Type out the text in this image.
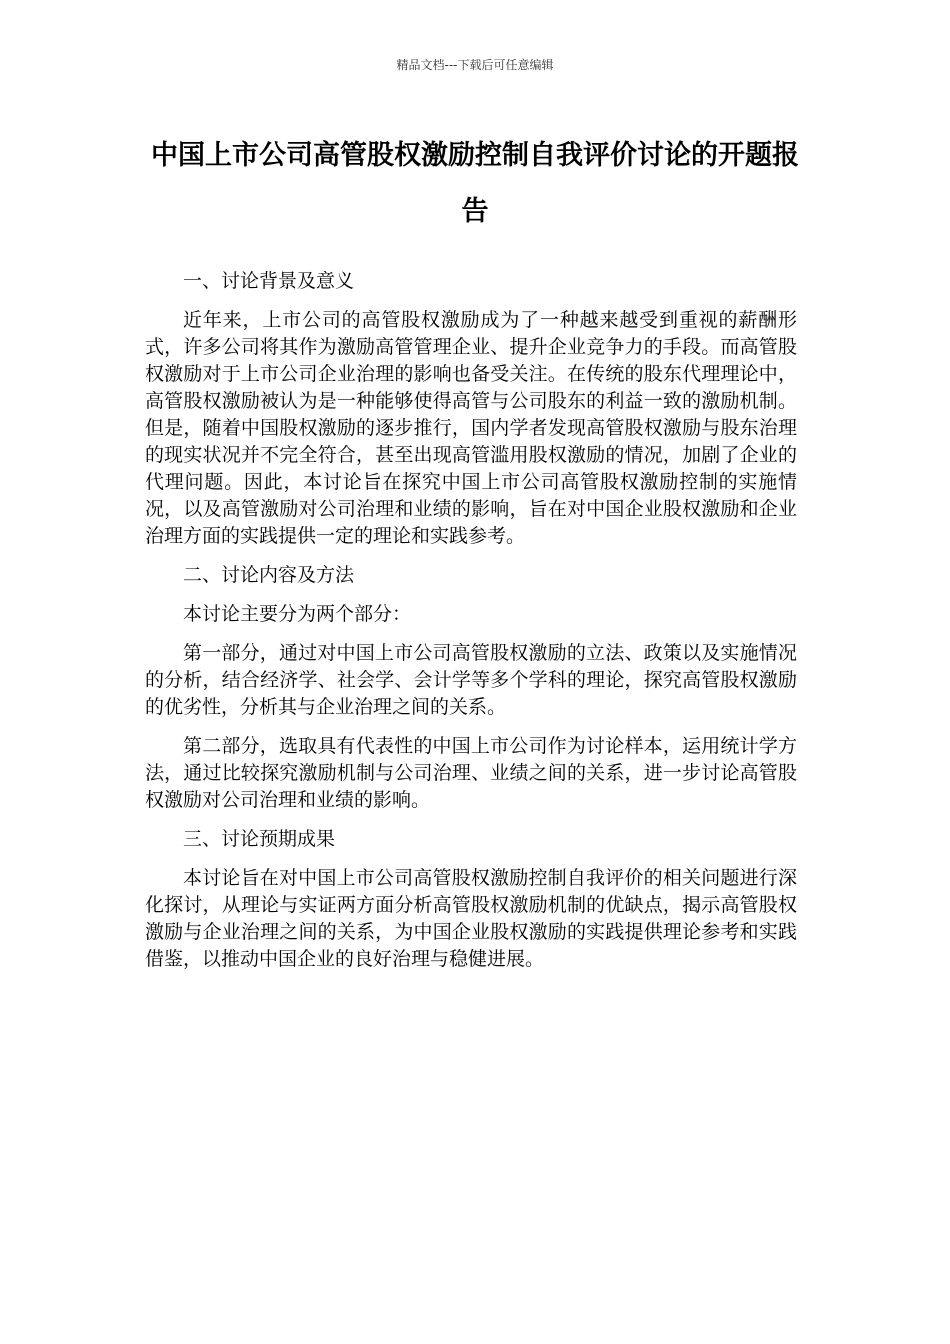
精品文档---下载后可任意编辑
中国上市公司高管股权激励控制自我评价讨论的开题报告

一、讨论背景及意义

近年来，上市公司的高管股权激励成为了一种越来越受到重视的薪酬形式，许多公司将其作为激励高管管理企业、提升企业竞争力的手段。而高管股权激励对于上市公司企业治理的影响也备受关注。在传统的股东代理理论中，高管股权激励被认为是一种能够使得高管与公司股东的利益一致的激励机制。但是，随着中国股权激励的逐步推行，国内学者发现高管股权激励与股东治理的现实状况并不完全符合，甚至出现高管滥用股权激励的情况，加剧了企业的代理问题。因此，本讨论旨在探究中国上市公司高管股权激励控制的实施情况，以及高管激励对公司治理和业绩的影响，旨在对中国企业股权激励和企业治理方面的实践提供一定的理论和实践参考。

二、讨论内容及方法

本讨论主要分为两个部分：

第一部分，通过对中国上市公司高管股权激励的立法、政策以及实施情况的分析，结合经济学、社会学、会计学等多个学科的理论，探究高管股权激励的优劣性，分析其与企业治理之间的关系。

第二部分，选取具有代表性的中国上市公司作为讨论样本，运用统计学方法，通过比较探究激励机制与公司治理、业绩之间的关系，进一步讨论高管股权激励对公司治理和业绩的影响。

三、讨论预期成果

本讨论旨在对中国上市公司高管股权激励控制自我评价的相关问题进行深化探讨，从理论与实证两方面分析高管股权激励机制的优缺点，揭示高管股权激励与企业治理之间的关系，为中国企业股权激励的实践提供理论参考和实践借鉴，以推动中国企业的良好治理与稳健进展。
